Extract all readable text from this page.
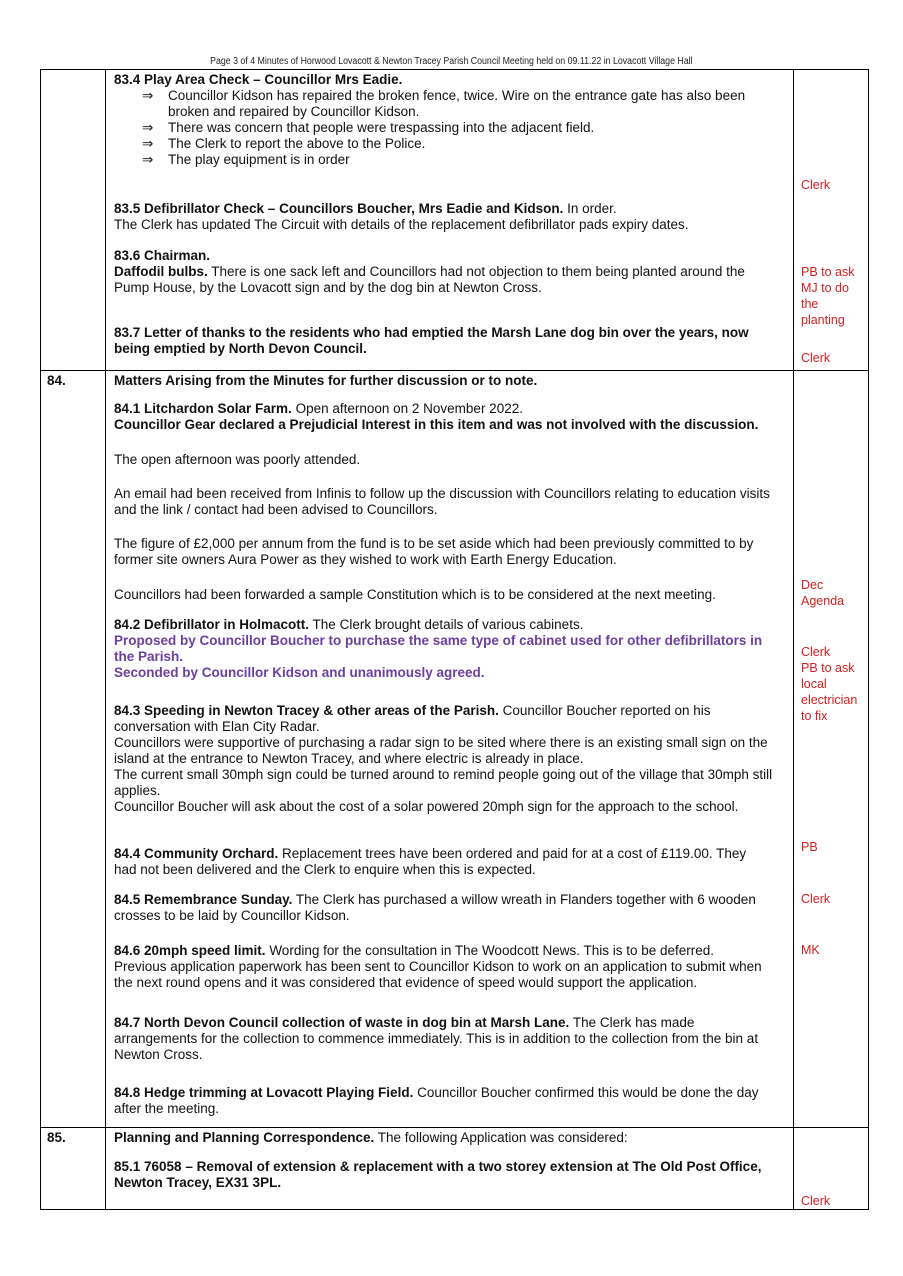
Page 3 of 4 Minutes of Horwood Lovacott & Newton Tracey Parish Council Meeting held on 09.11.22 in Lovacott Village Hall
84.
85.
83.4 Play Area Check – Councillor Mrs Eadie.
⇒ Councillor Kidson has repaired the broken fence, twice. Wire on the entrance gate has also been
broken and repaired by Councillor Kidson.
⇒ There was concern that people were trespassing into the adjacent field.
⇒ The Clerk to report the above to the Police.
⇒ The play equipment is in order
83.5 Defibrillator Check – Councillors Boucher, Mrs Eadie and Kidson. In order.
The Clerk has updated The Circuit with details of the replacement defibrillator pads expiry dates.
83.6 Chairman.
Daffodil bulbs. There is one sack left and Councillors had not objection to them being planted around the
Pump House, by the Lovacott sign and by the dog bin at Newton Cross.
83.7 Letter of thanks to the residents who had emptied the Marsh Lane dog bin over the years, now
being emptied by North Devon Council.
Matters Arising from the Minutes for further discussion or to note.
84.1 Litchardon Solar Farm. Open afternoon on 2 November 2022.
Councillor Gear declared a Prejudicial Interest in this item and was not involved with the discussion.
The open afternoon was poorly attended.
An email had been received from Infinis to follow up the discussion with Councillors relating to education visits
and the link / contact had been advised to Councillors.
The figure of £2,000 per annum from the fund is to be set aside which had been previously committed to by
former site owners Aura Power as they wished to work with Earth Energy Education.
Councillors had been forwarded a sample Constitution which is to be considered at the next meeting.
84.2 Defibrillator in Holmacott. The Clerk brought details of various cabinets.
Proposed by Councillor Boucher to purchase the same type of cabinet used for other defibrillators in
the Parish.
Seconded by Councillor Kidson and unanimously agreed.
84.3 Speeding in Newton Tracey & other areas of the Parish. Councillor Boucher reported on his
conversation with Elan City Radar.
Councillors were supportive of purchasing a radar sign to be sited where there is an existing small sign on the
island at the entrance to Newton Tracey, and where electric is already in place.
The current small 30mph sign could be turned around to remind people going out of the village that 30mph still
applies.
Councillor Boucher will ask about the cost of a solar powered 20mph sign for the approach to the school.
84.4 Community Orchard. Replacement trees have been ordered and paid for at a cost of £119.00. They
had not been delivered and the Clerk to enquire when this is expected.
84.5 Remembrance Sunday. The Clerk has purchased a willow wreath in Flanders together with 6 wooden
crosses to be laid by Councillor Kidson.
84.6 20mph speed limit. Wording for the consultation in The Woodcott News. This is to be deferred.
Previous application paperwork has been sent to Councillor Kidson to work on an application to submit when
the next round opens and it was considered that evidence of speed would support the application.
84.7 North Devon Council collection of waste in dog bin at Marsh Lane. The Clerk has made
arrangements for the collection to commence immediately. This is in addition to the collection from the bin at
Newton Cross.
84.8 Hedge trimming at Lovacott Playing Field. Councillor Boucher confirmed this would be done the day
after the meeting.
Planning and Planning Correspondence. The following Application was considered:
85.1 76058 – Removal of extension & replacement with a two storey extension at The Old Post Office,
Newton Tracey, EX31 3PL.
Clerk
PB to ask
MJ to do
the
planting
Clerk
Dec
Agenda
Clerk
PB to ask
local
electrician
to fix
PB
Clerk
MK
Clerk
